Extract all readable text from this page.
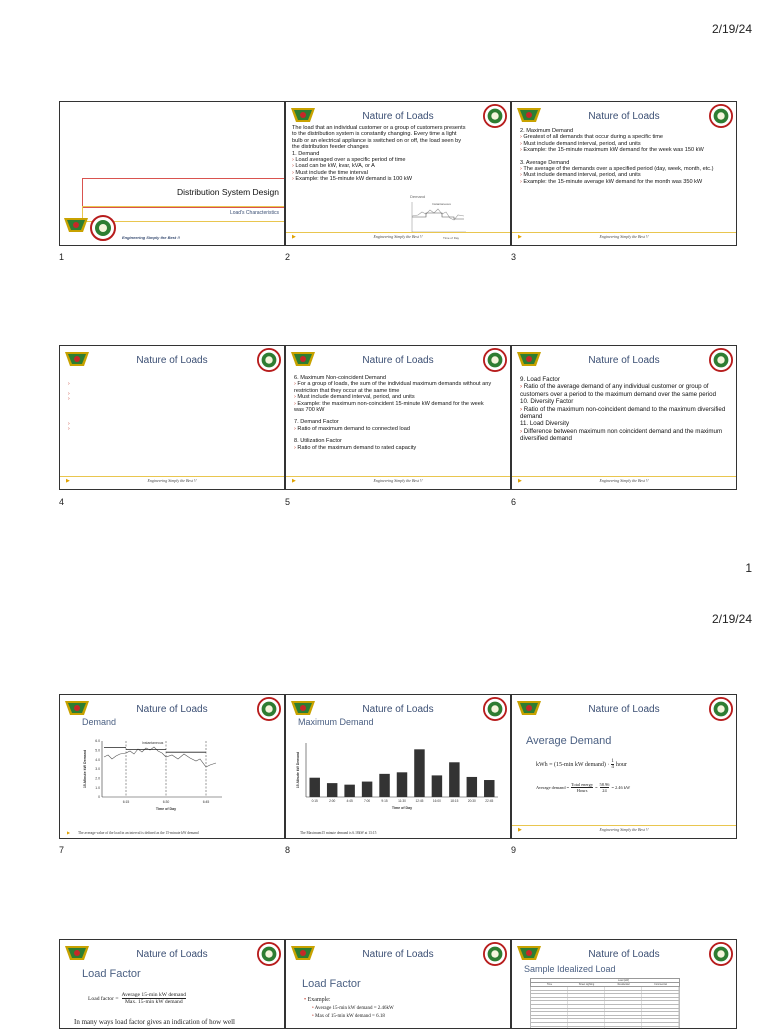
2/19/24
Distribution System Design
Load's Characteristics
Engineering Simply the Best !!
1
Nature of Loads
The load that an individual customer or a group of customers presents to the distribution system is constantly changing. Every time a light bulb or an electrical appliance is switched on or off, the load seen by the distribution feeder changes
1. Demand
› Load averaged over a specific period of time
› Load can be kW, kvar, kVA, or A
› Must include the time interval
› Example: the 15-minute kW demand is 100 kW
Demand
Instantaneous
Time of Day
▶	Engineering Simply the Best !!
2
Nature of Loads
2. Maximum Demand
› Greatest of all demands that occur during a specific time
› Must include demand interval, period, and units
› Example: the 15-minute maximum kW demand for the week was 150 kW
3. Average Demand
› The average of the demands over a specified period (day, week, month, etc.)
› Must include demand interval, period, and units
› Example: the 15-minute average kW demand for the month was 350 kW
▶	Engineering Simply the Best !!
3
Nature of Loads
›

›
›

›
›
▶	Engineering Simply the Best !!
4
Nature of Loads
6. Maximum Non-coincident Demand
› For a group of loads, the sum of the individual maximum demands without any restriction that they occur at the same time
› Must include demand interval, period, and units
› Example: the maximum non-coincident 15-minute kW demand for the week was 700 kW
7. Demand Factor
› Ratio of maximum demand to connected load
8. Utilization Factor
› Ratio of the maximum demand to rated capacity
▶	Engineering Simply the Best !!
5
Nature of Loads
9. Load Factor
› Ratio of the average demand of any individual customer or group of customers over a period to the maximum demand over the same period
10. Diversity Factor
› Ratio of the maximum non-coincident demand to the maximum diversified demand
11. Load Diversity
› Difference between maximum non coincident demand and the maximum diversified demand
▶	Engineering Simply the Best !!
6
1
2/19/24
Nature of Loads
Demand
6.0
5.0
4.0
3.0
2.0
1.0
0
15-Minute kW Demand
6:15	6:30	6:45
Time of Day
Instantaneous
The average value of the load in an interval is defined as the 15-minute kW demand
▶
7
Nature of Loads
Maximum Demand
15-Minute kW Demand
0:15	2:00	4:45	7:00	9:15	11:30	12:45	16:00	18:15	20:30	22:45
Time of Day
The Maximum15 minute demand is 6.18kW at 13:15
8
Nature of Loads
Average Demand
kWh = (15-min kW demand) · 1
4 hour
Average demand =
Total energy
Hours
= $\frac{58.96}{24} = 2.46$ kW
▶	Engineering Simply the Best !!
9
Nature of Loads
Load Factor
Load factor =
Average 15-min kW demand
Max. 15-min kW demand
In many ways load factor gives an indication of how well
Nature of Loads
Load Factor
• Example:
• Average 15-min kW demand = 2.46kW
• Max of 15-min kW demand = 6.18
Nature of Loads
Sample Idealized Load
Load (kW)
Time	Street Lighting	Residential	Commercial
